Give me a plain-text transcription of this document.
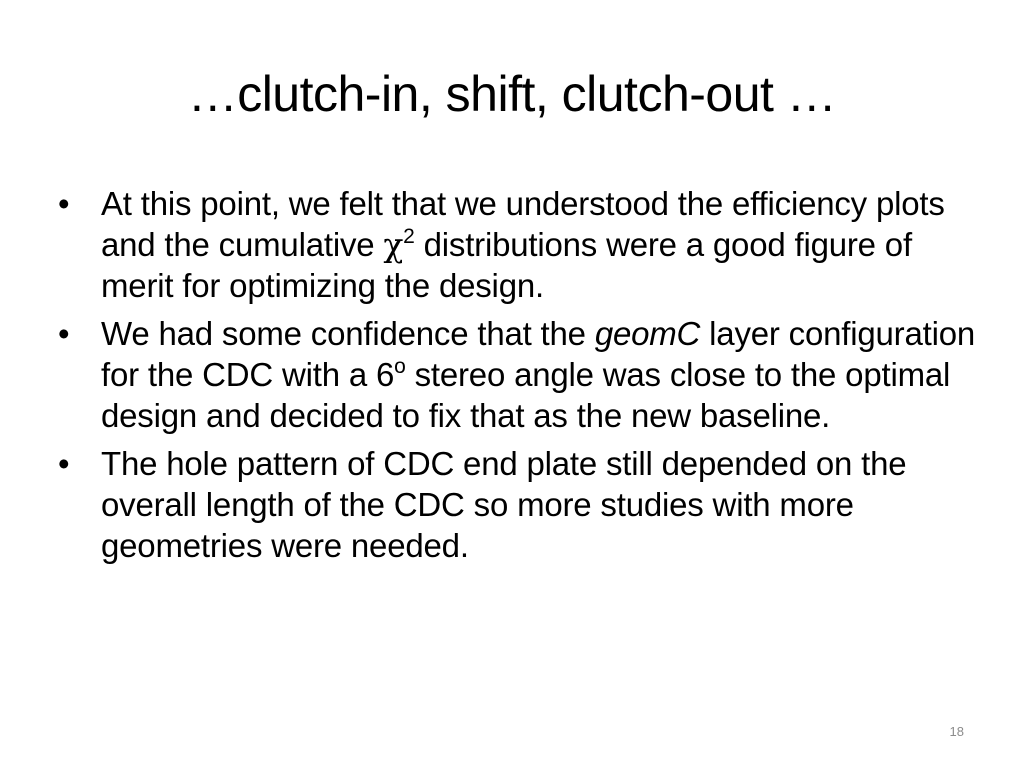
…clutch-in, shift, clutch-out …
• At this point, we felt that we understood the efficiency plots and the cumulative $\chi^2$ distributions were a good figure of merit for optimizing the design.
• We had some confidence that the geomC layer configuration for the CDC with a 6$^o$ stereo angle was close to the optimal design and decided to fix that as the new baseline.
• The hole pattern of CDC end plate still depended on the overall length of the CDC so more studies with more geometries were needed.
18
